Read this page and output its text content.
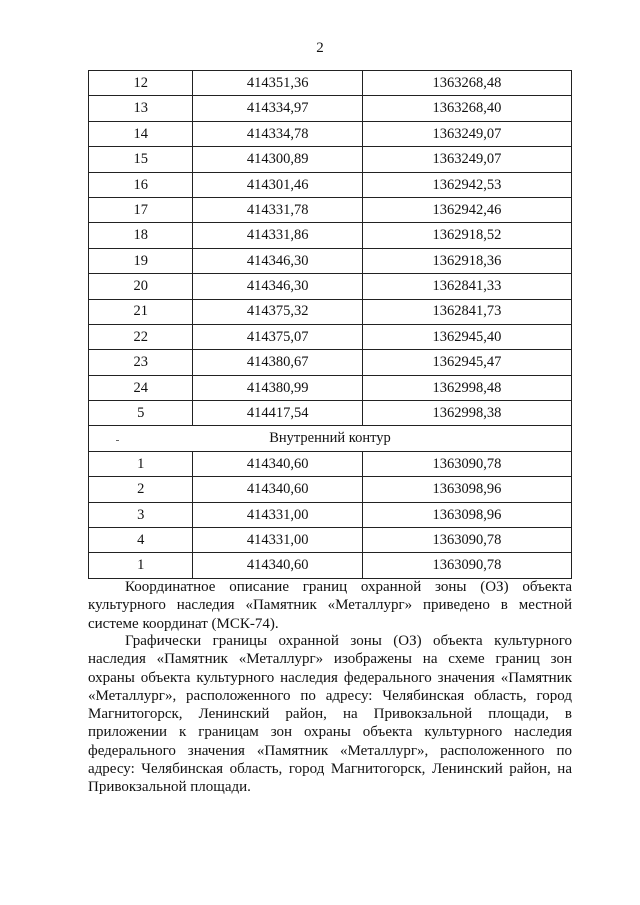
2
12	414351,36	1363268,48
13	414334,97	1363268,40
14	414334,78	1363249,07
15	414300,89	1363249,07
16	414301,46	1362942,53
17	414331,78	1362942,46
18	414331,86	1362918,52
19	414346,30	1362918,36
20	414346,30	1362841,33
21	414375,32	1362841,73
22	414375,07	1362945,40
23	414380,67	1362945,47
24	414380,99	1362998,48
5	414417,54	1362998,38
Внутренний контур		
1	414340,60	1363090,78
2	414340,60	1363098,96
3	414331,00	1363098,96
4	414331,00	1363090,78
1	414340,60	1363090,78

Координатное описание границ охранной зоны (ОЗ) объекта культурного наследия «Памятник «Металлург» приведено в местной системе координат (МСК-74).

Графически границы охранной зоны (ОЗ) объекта культурного наследия «Памятник «Металлург» изображены на схеме границ зон охраны объекта культурного наследия федерального значения «Памятник «Металлург», расположенного по адресу: Челябинская область, город Магнитогорск, Ленинский район, на Привокзальной площади, в приложении к границам зон охраны объекта культурного наследия федерального значения «Памятник «Металлург», расположенного по адресу: Челябинская область, город Магнитогорск, Ленинский район, на Привокзальной площади.
